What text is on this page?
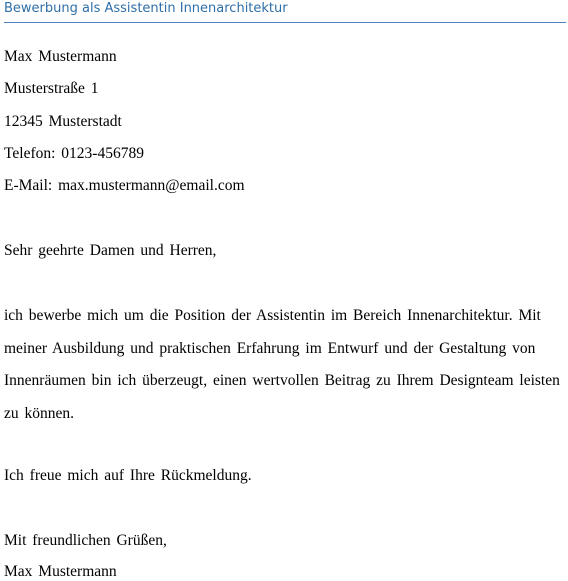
Bewerbung als Assistentin Innenarchitektur
Max Mustermann
Musterstraße 1
12345 Musterstadt
Telefon: 0123-456789
E-Mail: max.mustermann@email.com
Sehr geehrte Damen und Herren,
ich bewerbe mich um die Position der Assistentin im Bereich Innenarchitektur. Mit meiner Ausbildung und praktischen Erfahrung im Entwurf und der Gestaltung von Innenräumen bin ich überzeugt, einen wertvollen Beitrag zu Ihrem Designteam leisten zu können.
Ich freue mich auf Ihre Rückmeldung.
Mit freundlichen Grüßen,
Max Mustermann
